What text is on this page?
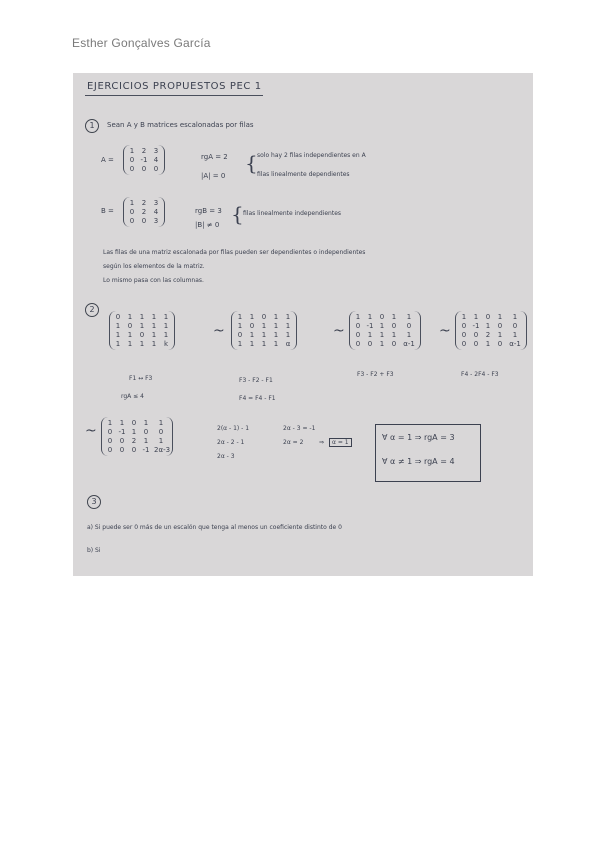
Esther Gonçalves García
EJERCICIOS PROPUESTOS PEC 1
1	Sean A y B matrices escalonadas por filas
A =
1 2 3
0 -1 4
0 0 0
rgA = 2
|A| = 0
{ solo hay 2 filas independientes en A
filas linealmente dependientes
B =
1 2 3
0 2 4
0 0 3
rgB = 3
|B| ≠ 0 { filas linealmente independientes
Las filas de una matriz escalonada por filas pueden ser dependientes o independientes
según los elementos de la matriz.
Lo mismo pasa con las columnas.
2
0 1 1 1 1
1 0 1 1 1
1 1 0 1 1
1 1 1 1 k
~
1 1 0 1 1
1 0 1 1 1
0 1 1 1 1
1 1 1 1 α
~
1 1 0 1	1
0 -1 1 0	0
0 1 1 1	1
0 0 1 0 α-1
~
1 1 0 1	1
0 -1 1 0	0
0 0 2 1	1
0 0 1 0 α-1
F1 ↔ F3
rgA ≤ 4
F3 - F2 - F1
F4 = F4 - F1
F3 - F2 + F3	F4 - 2F4 - F3
~ 1 1 0 1	1
0 -1 1 0	0
0 0 2 1	1
0 0 0 -1 2α-3
2(α - 1) - 1
2α - 2 - 1
2α - 3
2α - 3 = -1
2α = 2	⇒	α = 1
∀ α = 1 ⇒ rgA = 3
∀ α ≠ 1 ⇒ rgA = 4
3
a) Si puede ser 0 más de un escalón que tenga al menos un coeficiente distinto de 0
b) Si
